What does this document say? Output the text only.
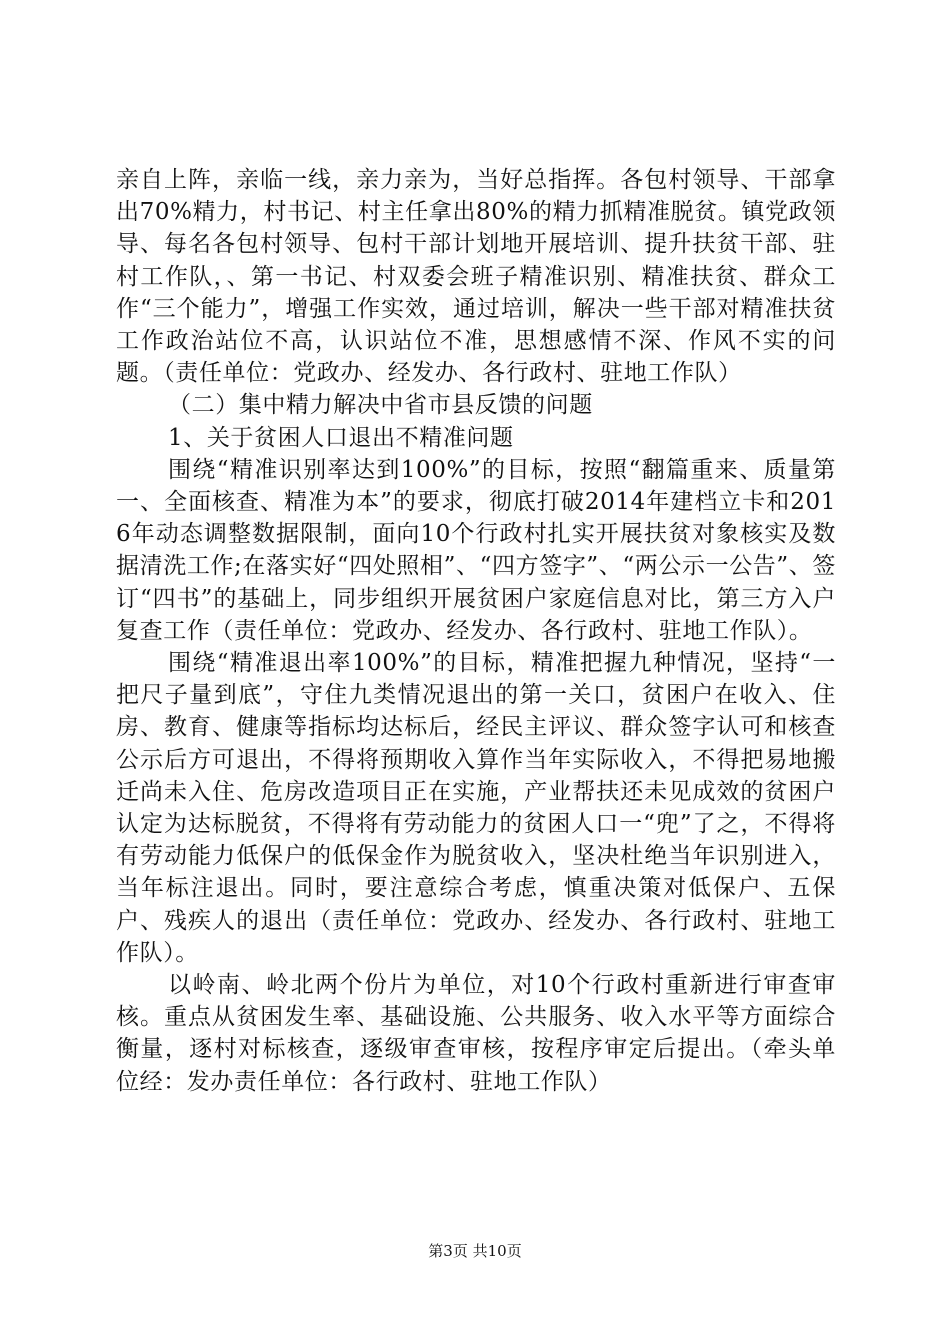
亲自上阵，亲临一线，亲力亲为，当好总指挥。各包村领导、干部拿出70%精力，村书记、村主任拿出80%的精力抓精准脱贫。镇党政领导、每名各包村领导、包村干部计划地开展培训、提升扶贫干部、驻村工作队，、第一书记、村双委会班子精准识别、精准扶贫、群众工作“三个能力”，增强工作实效，通过培训，解决一些干部对精准扶贫工作政治站位不高，认识站位不准，思想感情不深、作风不实的问题。（责任单位：党政办、经发办、各行政村、驻地工作队）

（二）集中精力解决中省市县反馈的问题

1、关于贫困人口退出不精准问题

围绕“精准识别率达到100%”的目标，按照“翻篇重来、质量第一、全面核查、精准为本”的要求，彻底打破2014年建档立卡和2016年动态调整数据限制，面向10个行政村扎实开展扶贫对象核实及数据清洗工作;在落实好“四处照相”、“四方签字”、“两公示一公告”、签订“四书”的基础上，同步组织开展贫困户家庭信息对比，第三方入户复查工作（责任单位：党政办、经发办、各行政村、驻地工作队）。

围绕“精准退出率100%”的目标，精准把握九种情况，坚持“一把尺子量到底”，守住九类情况退出的第一关口，贫困户在收入、住房、教育、健康等指标均达标后，经民主评议、群众签字认可和核查公示后方可退出，不得将预期收入算作当年实际收入，不得把易地搬迁尚未入住、危房改造项目正在实施，产业帮扶还未见成效的贫困户认定为达标脱贫，不得将有劳动能力的贫困人口一“兜”了之，不得将有劳动能力低保户的低保金作为脱贫收入，坚决杜绝当年识别进入，当年标注退出。同时，要注意综合考虑，慎重决策对低保户、五保户、残疾人的退出（责任单位：党政办、经发办、各行政村、驻地工作队）。

以岭南、岭北两个份片为单位，对10个行政村重新进行审查审核。重点从贫困发生率、基础设施、公共服务、收入水平等方面综合衡量，逐村对标核查，逐级审查审核，按程序审定后提出。（牵头单位经：发办责任单位：各行政村、驻地工作队）

第3页 共10页
